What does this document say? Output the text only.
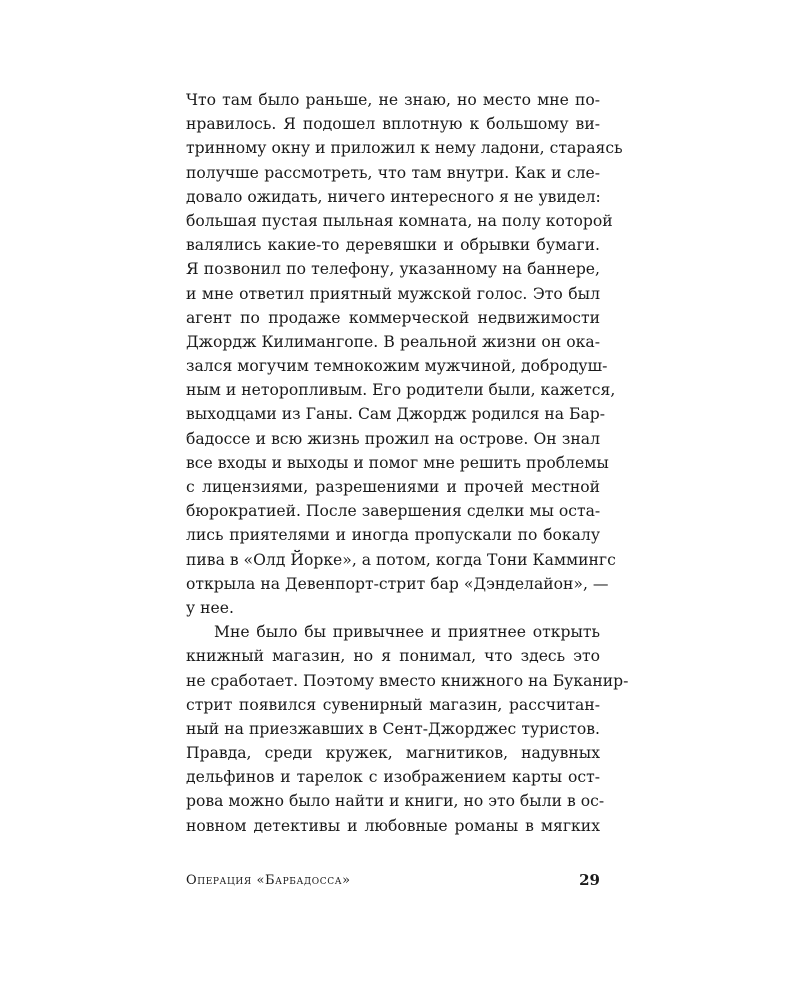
Что там было раньше, не знаю, но место мне по-
нравилось. Я подошел вплотную к большому ви-
тринному окну и приложил к нему ладони, стараясь
получше рассмотреть, что там внутри. Как и сле-
довало ожидать, ничего интересного я не увидел:
большая пустая пыльная комната, на полу которой
валялись какие-то деревяшки и обрывки бумаги.
Я позвонил по телефону, указанному на баннере,
и мне ответил приятный мужской голос. Это был
агент по продаже коммерческой недвижимости
Джордж Килимангопе. В реальной жизни он ока-
зался могучим темнокожим мужчиной, добродуш-
ным и неторопливым. Его родители были, кажется,
выходцами из Ганы. Сам Джордж родился на Бар-
бадоссе и всю жизнь прожил на острове. Он знал
все входы и выходы и помог мне решить проблемы
с лицензиями, разрешениями и прочей местной
бюрократией. После завершения сделки мы оста-
лись приятелями и иногда пропускали по бокалу
пива в «Олд Йорке», а потом, когда Тони Каммингс
открыла на Девенпорт-стрит бар «Дэнделайон», —
у нее.
Мне было бы привычнее и приятнее открыть
книжный магазин, но я понимал, что здесь это
не сработает. Поэтому вместо книжного на Буканир-
стрит появился сувенирный магазин, рассчитан-
ный на приезжавших в Сент-Джорджес туристов.
Правда, среди кружек, магнитиков, надувных
дельфинов и тарелок с изображением карты ост-
рова можно было найти и книги, но это были в ос-
новном детективы и любовные романы в мягких
Операция «Барбадосса»	29
